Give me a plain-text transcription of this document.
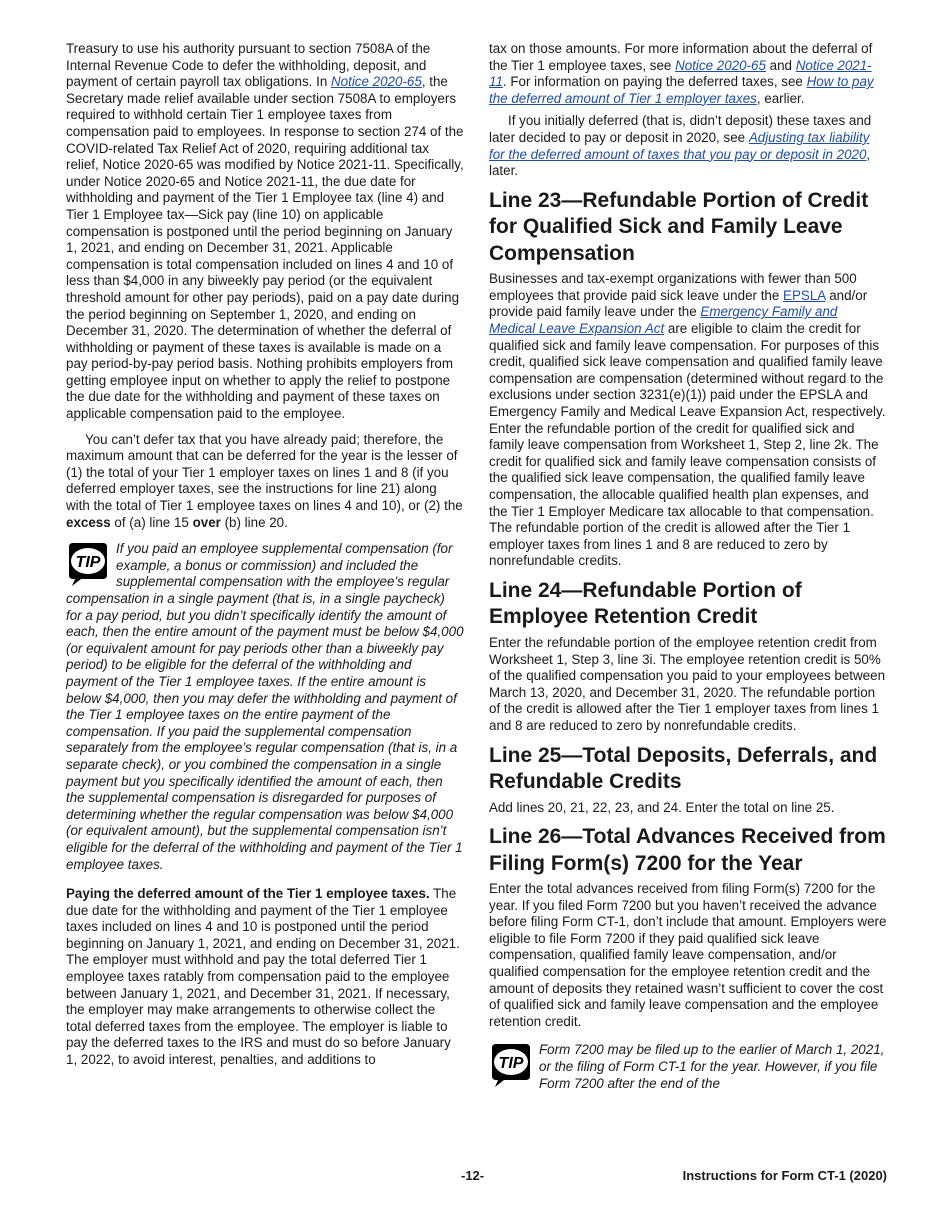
Treasury to use his authority pursuant to section 7508A of the Internal Revenue Code to defer the withholding, deposit, and payment of certain payroll tax obligations. In Notice 2020-65, the Secretary made relief available under section 7508A to employers required to withhold certain Tier 1 employee taxes from compensation paid to employees. In response to section 274 of the COVID-related Tax Relief Act of 2020, requiring additional tax relief, Notice 2020-65 was modified by Notice 2021-11. Specifically, under Notice 2020-65 and Notice 2021-11, the due date for withholding and payment of the Tier 1 Employee tax (line 4) and Tier 1 Employee tax—Sick pay (line 10) on applicable compensation is postponed until the period beginning on January 1, 2021, and ending on December 31, 2021. Applicable compensation is total compensation included on lines 4 and 10 of less than $4,000 in any biweekly pay period (or the equivalent threshold amount for other pay periods), paid on a pay date during the period beginning on September 1, 2020, and ending on December 31, 2020. The determination of whether the deferral of withholding or payment of these taxes is available is made on a pay period-by-pay period basis. Nothing prohibits employers from getting employee input on whether to apply the relief to postpone the due date for the withholding and payment of these taxes on applicable compensation paid to the employee.

You can’t defer tax that you have already paid; therefore, the maximum amount that can be deferred for the year is the lesser of (1) the total of your Tier 1 employer taxes on lines 1 and 8 (if you deferred employer taxes, see the instructions for line 21) along with the total of Tier 1 employee taxes on lines 4 and 10), or (2) the excess of (a) line 15 over (b) line 20.

TIP

If you paid an employee supplemental compensation (for example, a bonus or commission) and included the supplemental compensation with the employee’s regular compensation in a single payment (that is, in a single paycheck) for a pay period, but you didn’t specifically identify the amount of each, then the entire amount of the payment must be below $4,000 (or equivalent amount for pay periods other than a biweekly pay period) to be eligible for the deferral of the withholding and payment of the Tier 1 employee taxes. If the entire amount is below $4,000, then you may defer the withholding and payment of the Tier 1 employee taxes on the entire payment of the compensation. If you paid the supplemental compensation separately from the employee’s regular compensation (that is, in a separate check), or you combined the compensation in a single payment but you specifically identified the amount of each, then the supplemental compensation is disregarded for purposes of determining whether the regular compensation was below $4,000 (or equivalent amount), but the supplemental compensation isn’t eligible for the deferral of the withholding and payment of the Tier 1 employee taxes.

Paying the deferred amount of the Tier 1 employee taxes. The due date for the withholding and payment of the Tier 1 employee taxes included on lines 4 and 10 is postponed until the period beginning on January 1, 2021, and ending on December 31, 2021. The employer must withhold and pay the total deferred Tier 1 employee taxes ratably from compensation paid to the employee between January 1, 2021, and December 31, 2021. If necessary, the employer may make arrangements to otherwise collect the total deferred taxes from the employee. The employer is liable to pay the deferred taxes to the IRS and must do so before January 1, 2022, to avoid interest, penalties, and additions to

tax on those amounts. For more information about the deferral of the Tier 1 employee taxes, see Notice 2020-65 and Notice 2021-11. For information on paying the deferred taxes, see How to pay the deferred amount of Tier 1 employer taxes, earlier.

If you initially deferred (that is, didn’t deposit) these taxes and later decided to pay or deposit in 2020, see Adjusting tax liability for the deferred amount of taxes that you pay or deposit in 2020, later.

Line 23—Refundable Portion of Credit for Qualified Sick and Family Leave Compensation

Businesses and tax-exempt organizations with fewer than 500 employees that provide paid sick leave under the EPSLA and/or provide paid family leave under the Emergency Family and Medical Leave Expansion Act are eligible to claim the credit for qualified sick and family leave compensation. For purposes of this credit, qualified sick leave compensation and qualified family leave compensation are compensation (determined without regard to the exclusions under section 3231(e)(1)) paid under the EPSLA and Emergency Family and Medical Leave Expansion Act, respectively. Enter the refundable portion of the credit for qualified sick and family leave compensation from Worksheet 1, Step 2, line 2k. The credit for qualified sick and family leave compensation consists of the qualified sick leave compensation, the qualified family leave compensation, the allocable qualified health plan expenses, and the Tier 1 Employer Medicare tax allocable to that compensation. The refundable portion of the credit is allowed after the Tier 1 employer taxes from lines 1 and 8 are reduced to zero by nonrefundable credits.

Line 24—Refundable Portion of Employee Retention Credit

Enter the refundable portion of the employee retention credit from Worksheet 1, Step 3, line 3i. The employee retention credit is 50% of the qualified compensation you paid to your employees between March 13, 2020, and December 31, 2020. The refundable portion of the credit is allowed after the Tier 1 employer taxes from lines 1 and 8 are reduced to zero by nonrefundable credits.

Line 25—Total Deposits, Deferrals, and Refundable Credits

Add lines 20, 21, 22, 23, and 24. Enter the total on line 25.

Line 26—Total Advances Received from Filing Form(s) 7200 for the Year

Enter the total advances received from filing Form(s) 7200 for the year. If you filed Form 7200 but you haven’t received the advance before filing Form CT-1, don’t include that amount. Employers were eligible to file Form 7200 if they paid qualified sick leave compensation, qualified family leave compensation, and/or qualified compensation for the employee retention credit and the amount of deposits they retained wasn’t sufficient to cover the cost of qualified sick and family leave compensation and the employee retention credit.

TIP

Form 7200 may be filed up to the earlier of March 1, 2021, or the filing of Form CT-1 for the year. However, if you file Form 7200 after the end of the

-12-	Instructions for Form CT-1 (2020)
